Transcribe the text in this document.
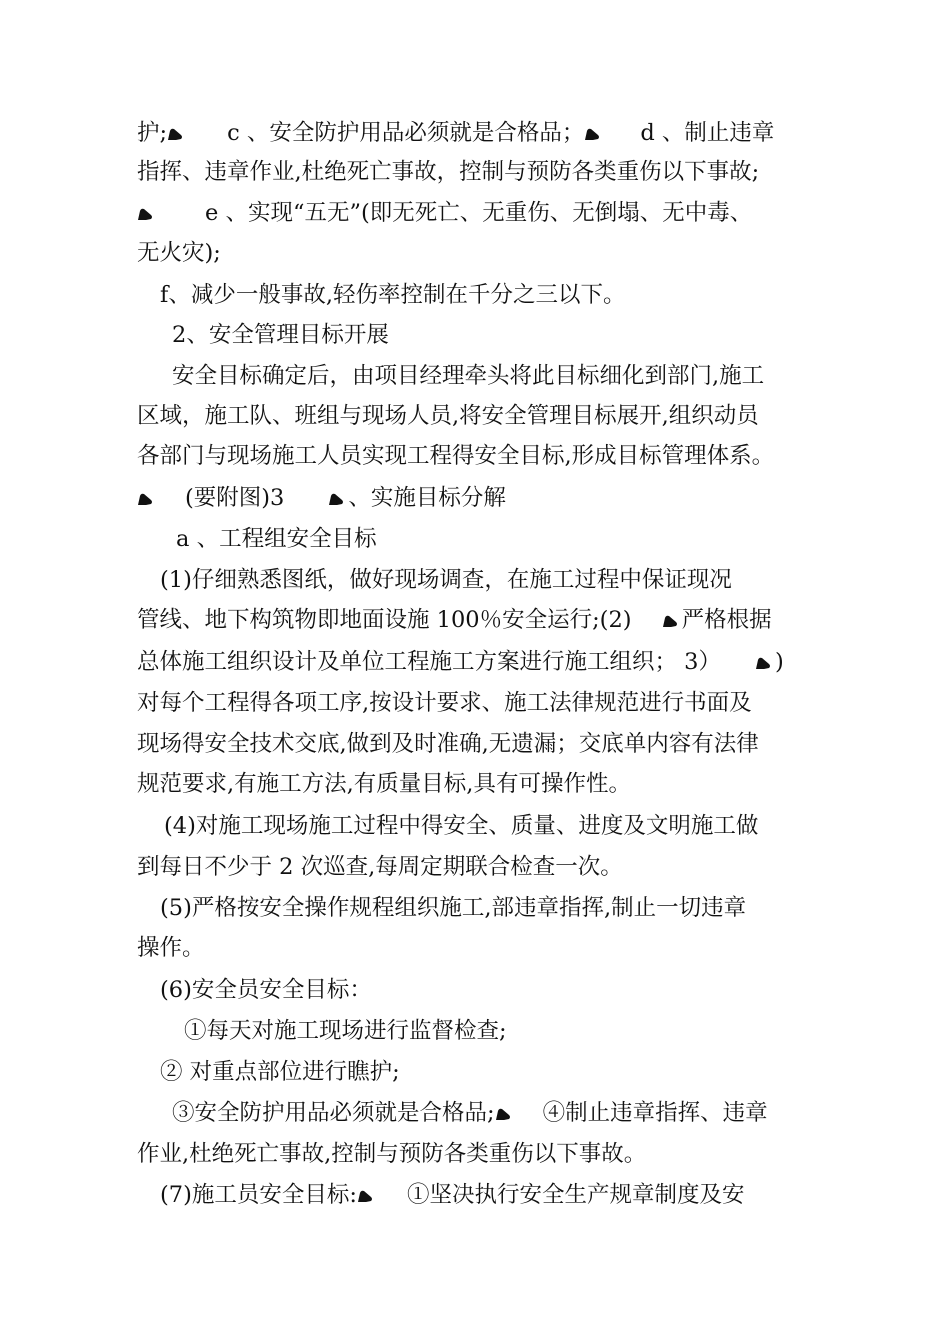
护;	c 、安全防护用品必须就是合格品； d 、制止违章
指挥、违章作业,杜绝死亡事故，控制与预防各类重伤以下事故;
e 、实现“五无”(即无死亡、无重伤、无倒塌、无中毒、
无火灾);
f、减少一般事故,轻伤率控制在千分之三以下。
2、安全管理目标开展
安全目标确定后，由项目经理牵头将此目标细化到部门,施工
区域，施工队、班组与现场人员,将安全管理目标展开,组织动员
各部门与现场施工人员实现工程得安全目标,形成目标管理体系。
(要附图)3	、实施目标分解
a 、工程组安全目标
(1)仔细熟悉图纸，做好现场调查，在施工过程中保证现况
管线、地下构筑物即地面设施 100％安全运行;(2) 严格根据
总体施工组织设计及单位工程施工方案进行施工组织； 3） )
对每个工程得各项工序,按设计要求、施工法律规范进行书面及
现场得安全技术交底,做到及时准确,无遗漏；交底单内容有法律
规范要求,有施工方法,有质量目标,具有可操作性。
(4)对施工现场施工过程中得安全、质量、进度及文明施工做
到每日不少于 2 次巡查,每周定期联合检查一次。
(5)严格按安全操作规程组织施工,部违章指挥,制止一切违章
操作。
(6)安全员安全目标：
①每天对施工现场进行监督检查;
② 对重点部位进行瞧护;
③安全防护用品必须就是合格品; ④制止违章指挥、违章
作业,杜绝死亡事故,控制与预防各类重伤以下事故。
(7)施工员安全目标: ①坚决执行安全生产规章制度及安
